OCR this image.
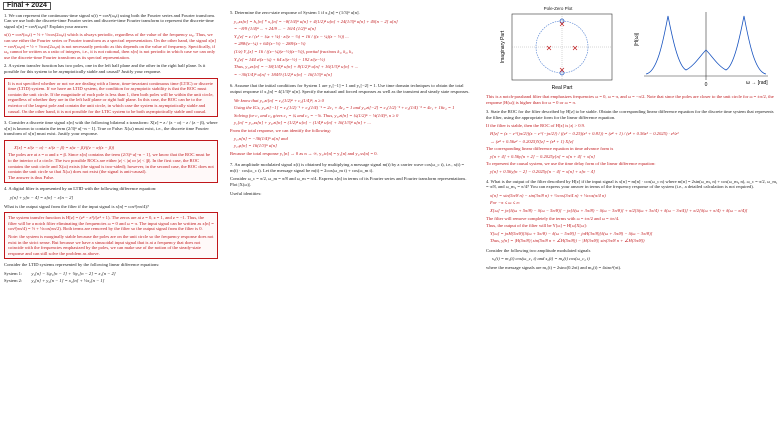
Final + 2024
1. We can represent the continuous-time signal x(t) = cos²(ω₀t) using both the Fourier series and Fourier transform. Can we use both the discrete-time Fourier series and discrete-time Fourier transform to represent the discrete-time signal x[n] = cos²(ω₀n)? Explain your answer.
x(t) = cos²(ω₀t) = ½ + ½cos(2ω₀t) which is always periodic, regardless of the value of the frequency ω₀. Thus, we can use either the Fourier series or Fourier transform as a spectral representation. On the other hand, the signal x[n] = cos²(ω₀n) = ½ + ½cos(2ω₀n) is not necessarily periodic as this depends on the value of frequency. Specifically, if ω₀ cannot be written as a ratio of integers, i.e., it is not rational, then x[n] is not periodic in which case we can only use the discrete-time Fourier transform as its spectral representation.
2. A system transfer function has two poles, one in the left half plane and the other in the right half plane. Is it possible for this system to be asymptotically stable and causal? Justify your response.
It is not specified whether or not we are dealing with a linear, time-invariant continuous time (LTIC) or discrete time (LTID) system. If we have an LTID system, the condition for asymptotic stability is that the ROC must contain the unit circle. If the magnitude of each pole is less than 1, then both poles will be within the unit circle, regardless of whether they are in the left half plane or right half plane. In this case, the ROC can be to the exterior of the largest pole and contain the unit circle, in which case the system is asymptotically stable and causal. On the other hand, it is not possible for the LTIC system to be both asymptotically stable and causal.
3. Consider a discrete time signal x[n] with the following bilateral z transform: X[z] = z / (z − α) − z / (z − β), where x[n] is known to contain the term (2/3)ⁿ u[−n − 1]. True or False: X(ω) must exist, i.e., the discrete time Fourier transform of x[n] must exist. Justify your response.
X[z] = z/(z − α) − z/(z − β) = z(α − β)/((z − α)(z − β))
The poles are at z = α and z = β. Since x[n] contains the term (2/3)ⁿ u[−n − 1], we know that the ROC must be to the interior of a circle. The two possible ROCs are either |z| < |α| or |z| < |β|. In the first case, the ROC contains the unit circle and X(ω) exists (the signal is two-sided); however, in the second case, the ROC does not contain the unit circle so that X(ω) does not exist (the signal is anti-causal).
The answer is thus False.
4. A digital filter is represented by an LTID with the following difference equation:
y[n] + y[n − 4] = x[n] − x[n − 2]
What is the output signal from the filter if the input signal is x[n] = cos²(πn/4)?
The system transfer function is H[z] = (z⁴ − z²)/(z⁴ + 1). The zeros are at z = 0, z = 1, and z = −1. Thus, the filter will be a notch filter eliminating the frequencies ω = 0 and ω = π. The input signal can be written as x[n] = cos²(πn/4) = ½ + ½cos(πn/2). Both terms are removed by the filter so the output signal from the filter is 0.
Note: the system is marginally stable because the poles are on the unit circle so the frequency response does not exist in the strict sense. But because we have a sinusoidal input signal that is at a frequency that does not coincide with the frequencies emphasized by the poles, we can make use of the notion of the steady-state response and can still solve the problem as above.
Consider the LTID systems represented by the following linear difference equations:
System 1: y₁[n] − ¾y₁[n − 1] + ⅛y₁[n − 2] = x₁[n − 2]
System 2: y₂[n] + y₂[n − 1] = x₂[n] + ½x₂[n − 1]
5. Determine the zero-state response of System 1 if x₁[n] = (1/3)ⁿ u[n].
y₁,zs[n] = h₁[n] * x₁[n] = −8(1/4)ⁿ u[n] + 4(1/2)ⁿ u[n] + 24(1/3)ⁿ u[n] + 4δ[n − 2] u[n]
= −8/9 (1/4)ⁿ ... + 24/9 ... − 16/4 (1/2)ⁿ u[n]
Y₁[z] = z / (z² − ¾z + ⅛) · z/(z − ⅓) = 16 / ((z − ¼)(z − ½)) ...
= 288/(z−¼) + 64/(z−½) − 288/(z−⅓)
(1/z) Y₁[z] = 16 / ((z−¼)(z−½)(z−⅓)), partial fractions k₁, k₂, k₃
Y₁[z] = 144 z/(z−¼) + 64 z/(z−½) − 192 z/(z−⅓)
Thus, y₁,zs[n] = −18(1/4)ⁿ u[n] + 8(1/2)ⁿ u[n] + 16(1/3)ⁿ u[n] + ...
= −36(1/4)ⁿ u[n] + 184/9 (1/2)ⁿ u[n] − 16(1/3)ⁿ u[n]
6. Assume that the initial conditions for System 1 are y₁[−1] = 1 and y₁[−2] = 1. Use time domain techniques to obtain the total output response if x₁[n] = 4(1/3)ⁿ u[n]. Specify the natural and forced responses as well as the transient and steady state responses.
We know that y₁,zi[n] = c₁(1/2)ⁿ + c₂(1/4)ⁿ, n ≥ 0
Using the ICs, y₁,zi[−1] = c₁(1/2)⁻¹ + c₂(1/4)⁻¹ = 2c₁ + 4c₂ = 1 and y₁,zi[−2] = c₁(1/2)⁻² + c₂(1/4)⁻² = 4c₁ + 16c₂ = 1
Solving for c₁ and c₂ gives c₁ = ¾ and c₂ = −⅛. Thus, y₁,zi[n] = ¾(1/2)ⁿ − ⅛(1/4)ⁿ, n ≥ 0
y₁[n] = y₁,zs[n] + y₁,zi[n] = (1/2)ⁿ u[n] − (1/4)ⁿ u[n] + 16(1/3)ⁿ u[n] + ...
From the total response, we can identify the following:
y₁,n[n] = −36(1/4)ⁿ u[n] and
y₁,φ[n] = 16(1/3)ⁿ u[n]
Because the total response y₁[n] → 0 as n → ∞, y₁,tr[n] = y₁[n] and y₁,ss[n] = 0.
7. An amplitude modulated signal x(t) is obtained by multiplying a message signal m(t) by a carrier wave cos(ω_c t), i.e., x(t) = m(t) · cos(ω_c t). Let the message signal be m(t) = 2cos(ω_m t) + cos(ω_m t).
Consider ω_c = π/2, ω_m = π/8 and ω_m = π/4. Express x[n] in terms of its Fourier series and Fourier transform representations. Plot |X(ω)|.
Useful identities:
Pole-Zero Plot
Real Part
Imaginary Part	|H(ω)|
0	ω → [rad]
This is a notch-passband filter that emphasizes frequencies ω = 0, ω = π, and ω = −π/2. Note that since the poles are closer to the unit circle for ω = ±π/2, the response |H(ω)| is higher than for ω = 0 or ω = π.
3. State the ROC for the filter described by H[z] to be stable. Obtain the corresponding linear difference equation for the discrete time system that represents the filter, using the appropriate form for the linear difference equation.
If the filter is stable, then the ROC of H[z] is |z| > 0.9.
H[z] = (z − e^{jπ/2})(z − e^{−jπ/2}) / ((z² − 0.25)(z² + 0.81)) = (z⁴ + 1) / (z⁴ + 0.56z² − 0.2025) · z²/z²
→ (z⁴ + 0.56z² − 0.2025)Y[z] = (z⁴ + 1) X[z]
The corresponding linear difference equation in time advance form is
y[n + 4] + 0.56y[n + 2] − 0.2025y[n] = x[n + 4] + x[n]
To represent the causal system, we use the time delay form of the linear difference equation:
y[n] + 0.56y[n − 2] − 0.2025y[n − 4] = x[n] + x[n − 4]
4. What is the output of the filter described by H[z] if the input signal is x[n] = m[n] · cos(ω_c n) where m[n] = 2sin(ω_m₁ n) + cos(ω_m₂ n), ω_c = π/2, ω_m₁ = π/8, and ω_m₂ = π/4? You can express your answer in terms of the frequency response of the system (i.e., a detailed calculation is not required).
x[n] = sin(5π/8 n) − sin(3π/8 n) + ½cos(3π/4 n) + ½cos(π/4 n)
For −π ≤ ω ≤ π:
X[ω] = jπ[δ(ω + 5π/8) − δ(ω − 5π/8)] − jπ[δ(ω + 3π/8) − δ(ω − 3π/8)] + π/2[δ(ω + 3π/4) + δ(ω − 3π/4)] + π/2[δ(ω + π/4) + δ(ω − π/4)]
The filter will remove completely the terms with ω = ±π/2 and ω = ±π/4.
Thus, the output of the filter will be Y[ω] = H[ω]X[ω]:
Y[ω] = jπH(5π/8)[δ(ω + 5π/8) − δ(ω − 5π/8)] − jπH(3π/8)[δ(ω + 3π/8) − δ(ω − 3π/8)]
Thus, y[n] = |H(5π/8)| sin(5π/8 n + ∠H(5π/8)) − |H(3π/8)| sin(3π/8 n + ∠H(3π/8))
Consider the following two amplitude modulated signals
s₁(t) = m₁(t) cos(ω_c₁ t) and s₂(t) = m₂(t) cos(ω_c₂ t)
where the message signals are m₁(t) = 2sinc(0.2πt) and m₂(t) = 4sinc²(πt).
